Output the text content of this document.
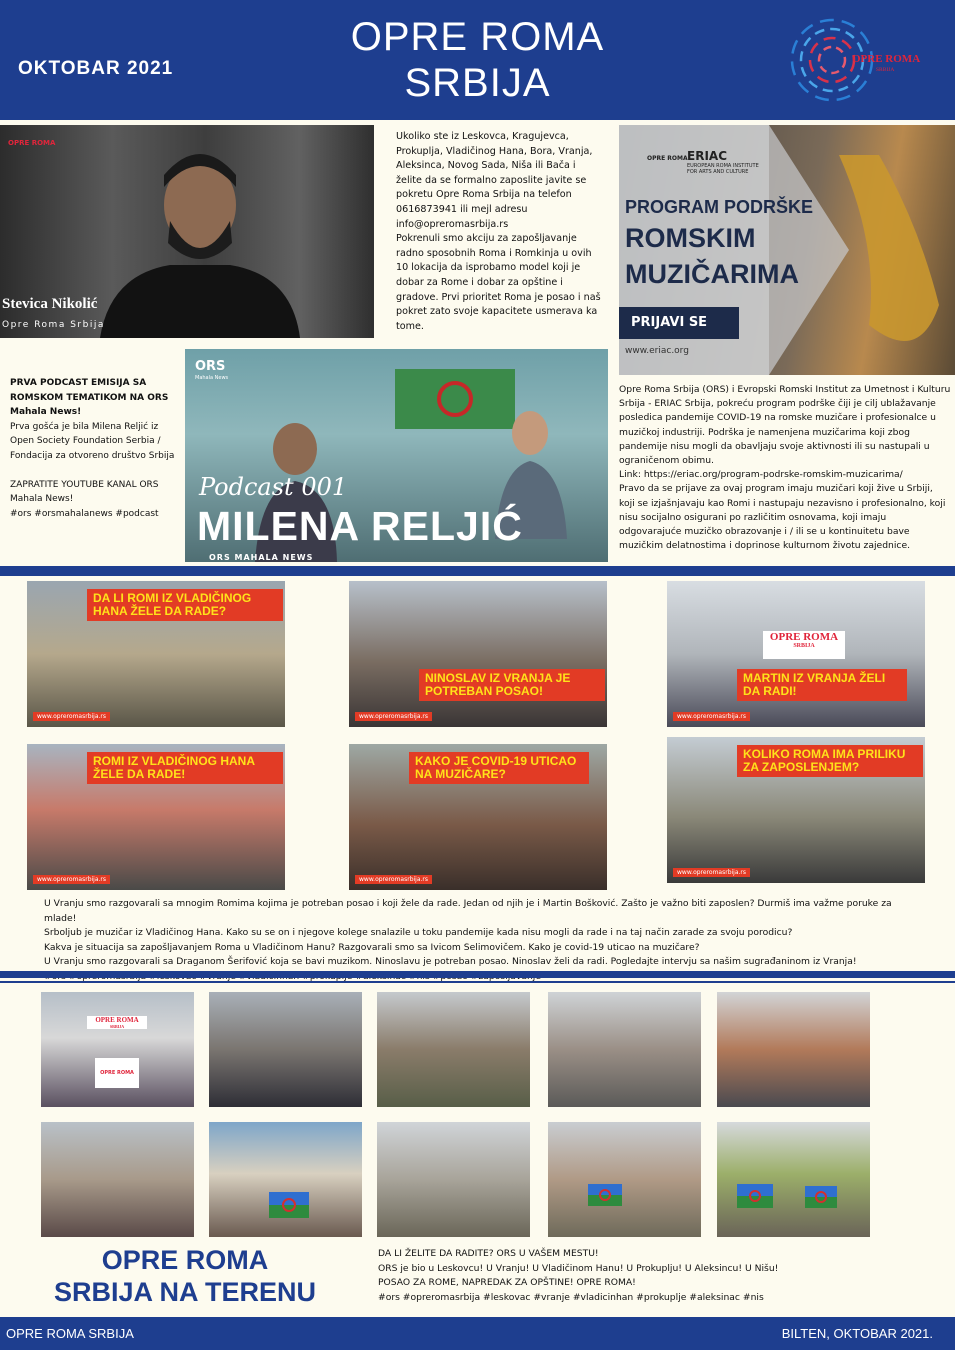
OKTOBAR 2021
OPRE ROMA
SRBIJA
OPRE ROMA
SRBIJA
OPRE ROMA
Stevica Nikolić
Opre Roma Srbija

Ukoliko ste iz Leskovca, Kragujevca, Prokuplja, Vladičinog Hana, Bora, Vranja, Aleksinca, Novog Sada, Niša ili Bača i želite da se formalno zaposlite javite se pokretu Opre Roma Srbija na telefon 0616873941 ili mejl adresu info@opreromasrbija.rs

Pokrenuli smo akciju za zapošljavanje radno sposobnih Roma i Romkinja u ovih 10 lokacija da isprobamo model koji je dobar za Rome i dobar za opštine i gradove. Prvi prioritet Roma je posao i naš pokret zato svoje kapacitete usmerava ka tome.

OPRE ROMA ERIAC
EUROPEAN ROMA INSTITUTE FOR ARTS AND CULTURE
PROGRAM PODRŠKE
ROMSKIM
MUZIČARIMA
PRIJAVI SE
www.eriac.org

PRVA PODCAST EMISIJA SA ROMSKOM TEMATIKOM NA ORS Mahala News!

Prva gošća je bila Milena Reljić iz Open Society Foundation Serbia / Fondacija za otvoreno društvo Srbija

ZAPRATITE YOUTUBE KANAL ORS Mahala News!

#ors #orsmahalanews #podcast

ORS
Mahala News
Podcast 001
MILENA RELJIĆ
ORS MAHALA NEWS

Opre Roma Srbija (ORS) i Evropski Romski Institut za Umetnost i Kulturu Srbija - ERIAC Srbija, pokreću program podrške čiji je cilj ublažavanje posledica pandemije COVID-19 na romske muzičare i profesionalce u muzičkoj industriji. Podrška je namenjena muzičarima koji zbog pandemije nisu mogli da obavljaju svoje aktivnosti ili su nastupali u ograničenom obimu.

Link: https://eriac.org/program-podrske-romskim-muzicarima/

Pravo da se prijave za ovaj program imaju muzičari koji žive u Srbiji, koji se izjašnjavaju kao Romi i nastupaju nezavisno i profesionalno, koji nisu socijalno osigurani po različitim osnovama, koji imaju odgovarajuće muzičko obrazovanje i / ili se u kontinuitetu bave muzičkim delatnostima i doprinose kulturnom životu zajednice.

DA LI ROMI IZ VLADIČINOG HANA ŽELE DA RADE?
www.opreromasrbija.rs
NINOSLAV IZ VRANJA JE POTREBAN POSAO!
www.opreromasrbija.rs
OPRE ROMA
SRBIJA
MARTIN IZ VRANJA ŽELI DA RADI!
www.opreromasrbija.rs
ROMI IZ VLADIČINOG HANA ŽELE DA RADE!
www.opreromasrbija.rs
KAKO JE COVID-19 UTICAO NA MUZIČARE?
www.opreromasrbija.rs
KOLIKO ROMA IMA PRILIKU ZA ZAPOSLENJEM?
www.opreromasrbija.rs

U Vranju smo razgovarali sa mnogim Romima kojima je potreban posao i koji žele da rade. Jedan od njih je i Martin Bošković. Zašto je važno biti zaposlen? Durmiš ima važme poruke za mlade!

Srboljub je muzičar iz Vladičinog Hana. Kako su se on i njegove kolege snalazile u toku pandemije kada nisu mogli da rade i na taj način zarade za svoju porodicu?

Kakva je situacija sa zapošljavanjem Roma u Vladičinom Hanu? Razgovarali smo sa Ivicom Selimovičem. Kako je covid-19 uticao na muzičare?

U Vranju smo razgovarali sa Draganom Šerifović koja se bavi muzikom. Ninoslavu je potreban posao. Ninoslav želi da radi. Pogledajte intervju sa našim sugrađaninom iz Vranja!

OPRE ROMA
SRBIJA
OPRE ROMA
OPRE ROMA
SRBIJA NA TERENU

DA LI ŽELITE DA RADITE? ORS U VAŠEM MESTU!

ORS je bio u Leskovcu! U Vranju! U Vladičinom Hanu! U Prokuplju! U Aleksincu! U Nišu!

POSAO ZA ROME, NAPREDAK ZA OPŠTINE! OPRE ROMA!

#ors #opreromasrbija #leskovac #vranje #vladicinhan #prokuplje #aleksinac #nis

OPRE ROMA SRBIJA	BILTEN, OKTOBAR 2021.
